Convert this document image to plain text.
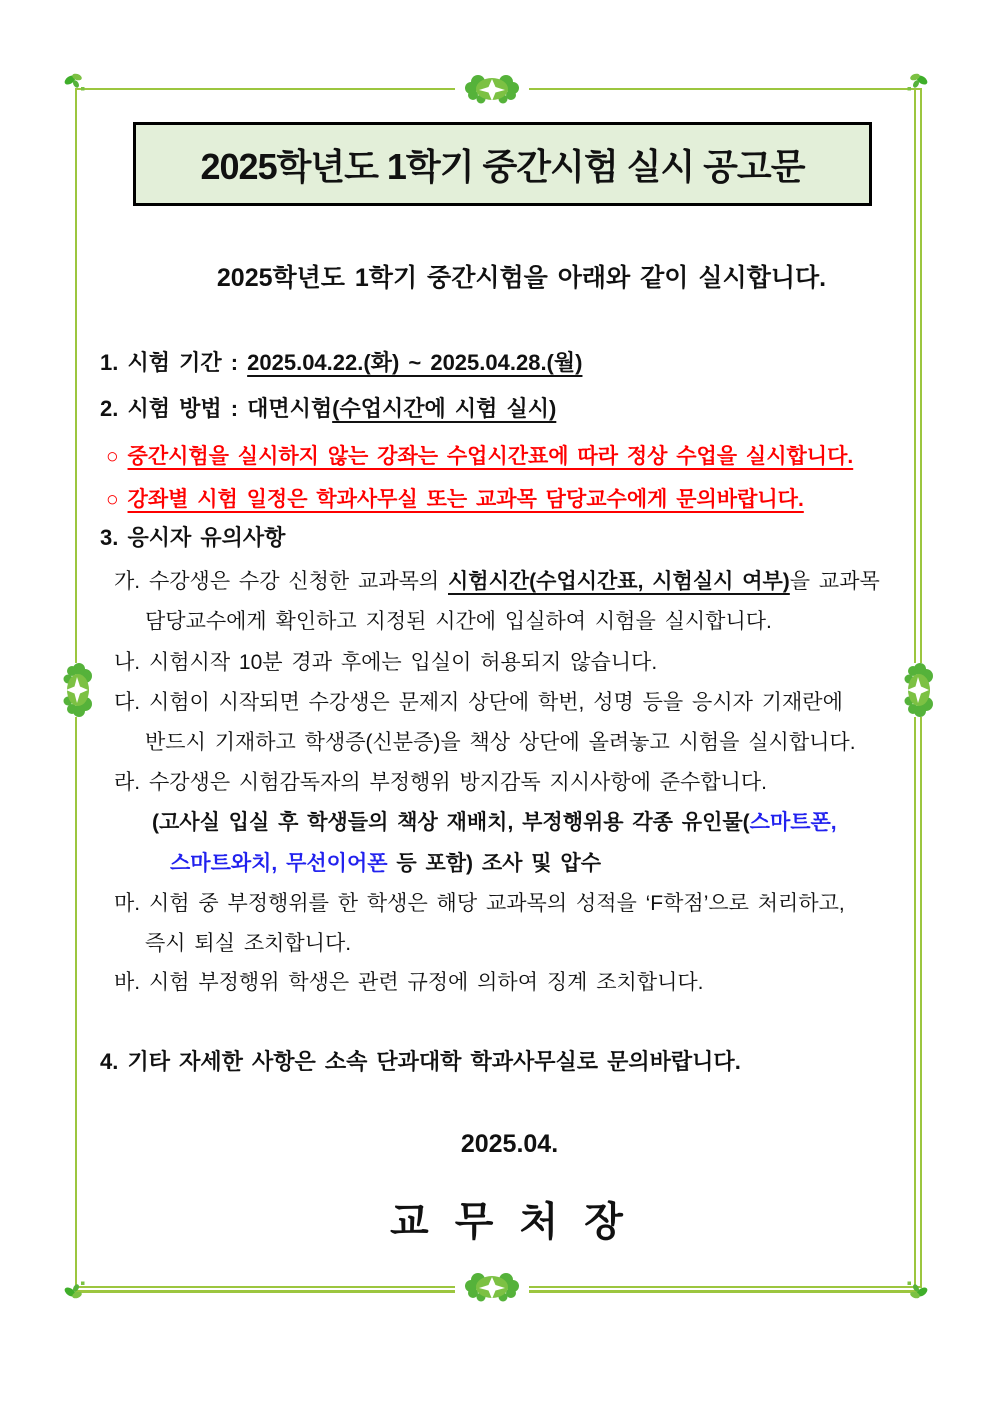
2025학년도 1학기 중간시험 실시 공고문
2025학년도 1학기 중간시험을 아래와 같이 실시합니다.
1. 시험 기간 : 2025.04.22.(화) ~ 2025.04.28.(월)
2. 시험 방법 : 대면시험(수업시간에 시험 실시)
○ 중간시험을 실시하지 않는 강좌는 수업시간표에 따라 정상 수업을 실시합니다.
○ 강좌별 시험 일정은 학과사무실 또는 교과목 담당교수에게 문의바랍니다.
3. 응시자 유의사항
가. 수강생은 수강 신청한 교과목의 시험시간(수업시간표, 시험실시 여부)을 교과목
담당교수에게 확인하고 지정된 시간에 입실하여 시험을 실시합니다.
나. 시험시작 10분 경과 후에는 입실이 허용되지 않습니다.
다. 시험이 시작되면 수강생은 문제지 상단에 학번, 성명 등을 응시자 기재란에
반드시 기재하고 학생증(신분증)을 책상 상단에 올려놓고 시험을 실시합니다.
라. 수강생은 시험감독자의 부정행위 방지감독 지시사항에 준수합니다.
(고사실 입실 후 학생들의 책상 재배치, 부정행위용 각종 유인물(스마트폰,
스마트와치, 무선이어폰 등 포함) 조사 및 압수
마. 시험 중 부정행위를 한 학생은 해당 교과목의 성적을 ‘F학점’으로 처리하고,
즉시 퇴실 조치합니다.
바. 시험 부정행위 학생은 관련 규정에 의하여 징계 조치합니다.
4. 기타 자세한 사항은 소속 단과대학 학과사무실로 문의바랍니다.
2025.04.
교 무 처 장
